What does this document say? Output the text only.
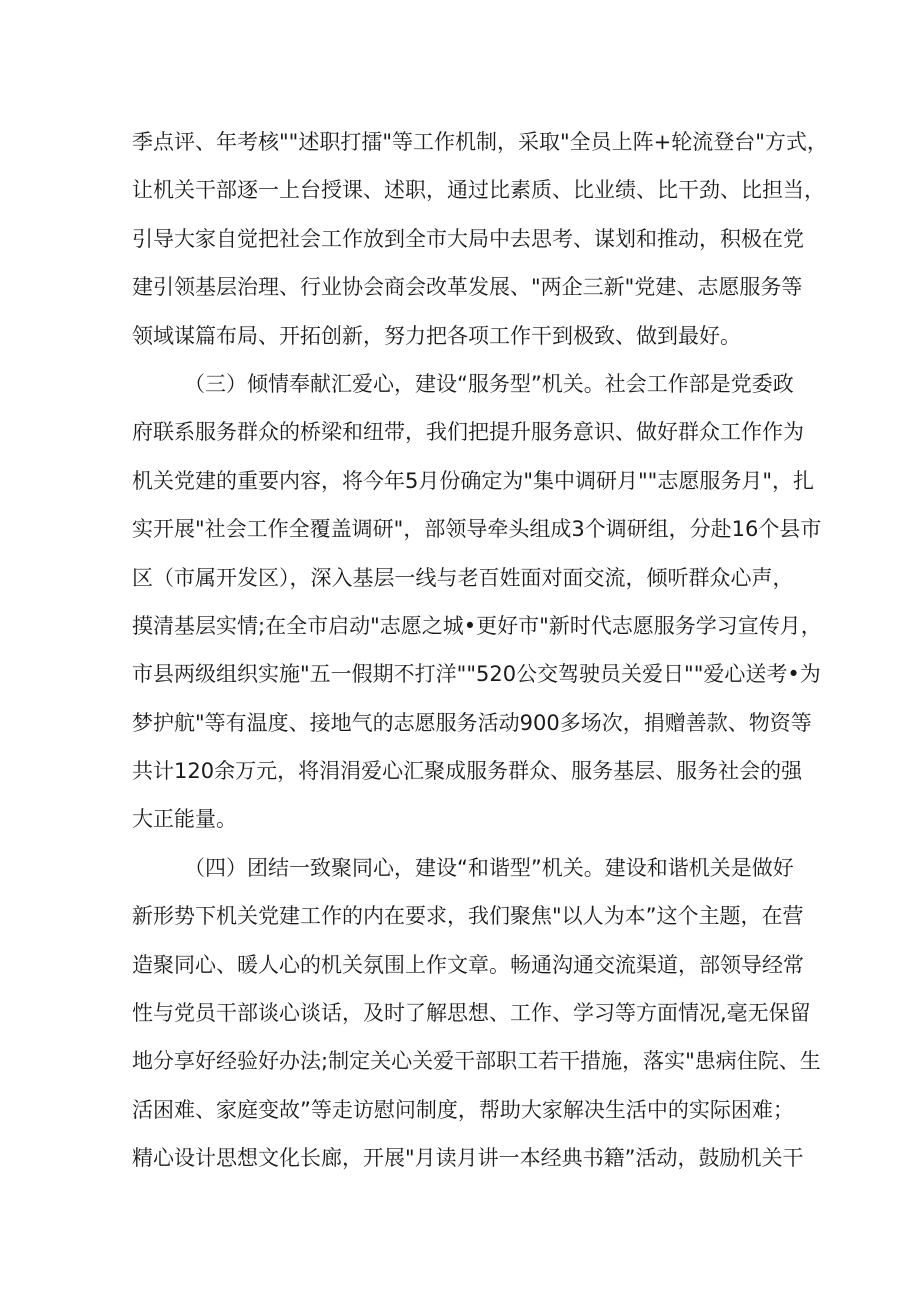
季点评、年考核""述职打擂"等工作机制，采取"全员上阵+轮流登台"方式，
让机关干部逐一上台授课、述职，通过比素质、比业绩、比干劲、比担当，
引导大家自觉把社会工作放到全市大局中去思考、谋划和推动，积极在党
建引领基层治理、行业协会商会改革发展、"两企三新"党建、志愿服务等
领域谋篇布局、开拓创新，努力把各项工作干到极致、做到最好。
（三）倾情奉献汇爱心，建设“服务型”机关。社会工作部是党委政
府联系服务群众的桥梁和纽带，我们把提升服务意识、做好群众工作作为
机关党建的重要内容，将今年5月份确定为"集中调研月""志愿服务月"，扎
实开展"社会工作全覆盖调研"，部领导牵头组成3个调研组，分赴16个县市
区（市属开发区），深入基层一线与老百姓面对面交流，倾听群众心声，
摸清基层实情;在全市启动"志愿之城•更好市"新时代志愿服务学习宣传月，
市县两级组织实施"五一假期不打洋""520公交驾驶员关爱日""爱心送考•为
梦护航"等有温度、接地气的志愿服务活动900多场次，捐赠善款、物资等
共计120余万元，将涓涓爱心汇聚成服务群众、服务基层、服务社会的强
大正能量。
（四）团结一致聚同心，建设“和谐型”机关。建设和谐机关是做好
新形势下机关党建工作的内在要求，我们聚焦"以人为本”这个主题，在营
造聚同心、暖人心的机关氛围上作文章。畅通沟通交流渠道，部领导经常
性与党员干部谈心谈话，及时了解思想、工作、学习等方面情况,毫无保留
地分享好经验好办法;制定关心关爱干部职工若干措施，落实"患病住院、生
活困难、家庭变故”等走访慰问制度，帮助大家解决生活中的实际困难；
精心设计思想文化长廊，开展"月读月讲一本经典书籍”活动，鼓励机关干
